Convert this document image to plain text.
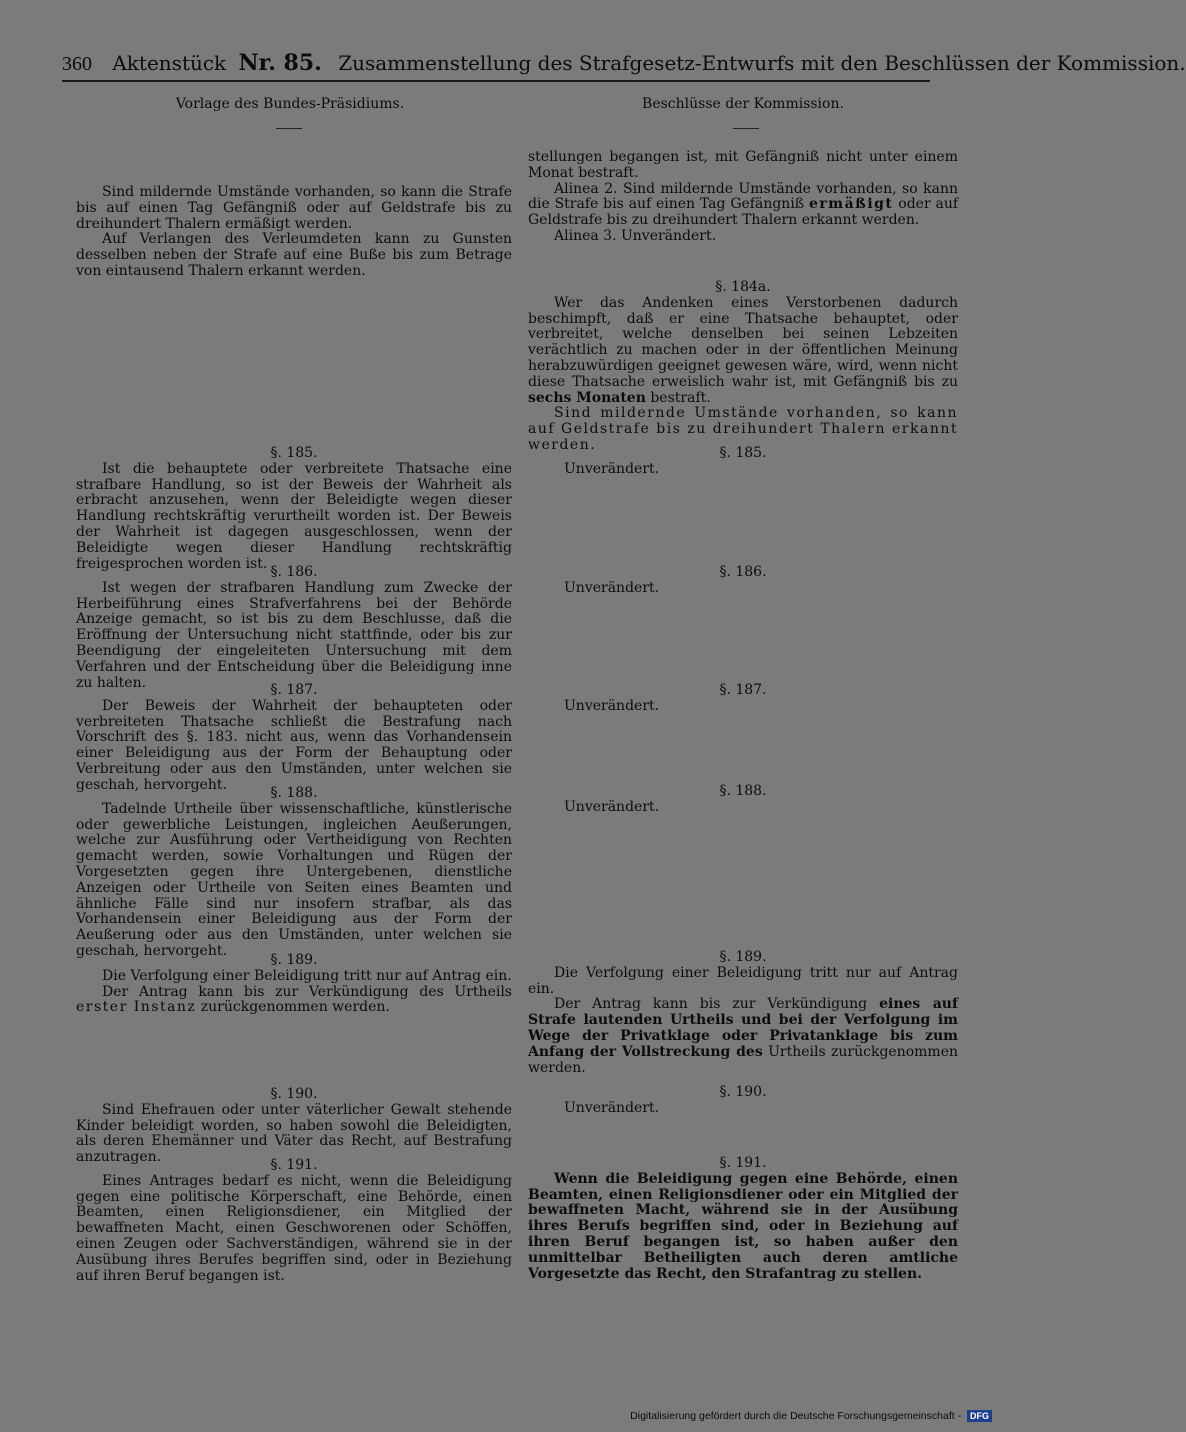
360 Aktenstück Nr. 85. Zusammenstellung des Strafgesetz-Entwurfs mit den Beschlüssen der Kommission.
Vorlage des Bundes-Präsidiums.	Beschlüsse der Kommission.

Sind mildernde Umstände vorhanden, so kann die Strafe bis auf einen Tag Gefängniß oder auf Geldstrafe bis zu dreihundert Thalern ermäßigt werden.

Auf Verlangen des Verleumdeten kann zu Gunsten desselben neben der Strafe auf eine Buße bis zum Betrage von eintausend Thalern erkannt werden.

§. 185.

Ist die behauptete oder verbreitete Thatsache eine strafbare Handlung, so ist der Beweis der Wahrheit als erbracht anzusehen, wenn der Beleidigte wegen dieser Handlung rechtskräftig verurtheilt worden ist. Der Beweis der Wahrheit ist dagegen ausgeschlossen, wenn der Beleidigte wegen dieser Handlung rechtskräftig freigesprochen worden ist.

§. 186.

Ist wegen der strafbaren Handlung zum Zwecke der Herbeiführung eines Strafverfahrens bei der Behörde Anzeige gemacht, so ist bis zu dem Beschlusse, daß die Eröffnung der Untersuchung nicht stattfinde, oder bis zur Beendigung der eingeleiteten Untersuchung mit dem Verfahren und der Entscheidung über die Beleidigung inne zu halten.	§. 187.

Der Beweis der Wahrheit der behaupteten oder verbreiteten Thatsache schließt die Bestrafung nach Vorschrift des §. 183. nicht aus, wenn das Vorhandensein einer Beleidigung aus der Form der Behauptung oder Verbreitung oder aus den Umständen, unter welchen sie geschah, hervorgeht.

§. 188.

Tadelnde Urtheile über wissenschaftliche, künstlerische oder gewerbliche Leistungen, ingleichen Aeußerungen, welche zur Ausführung oder Vertheidigung von Rechten gemacht werden, sowie Vorhaltungen und Rügen der Vorgesetzten gegen ihre Untergebenen, dienstliche Anzeigen oder Urtheile von Seiten eines Beamten und ähnliche Fälle sind nur insofern strafbar, als das Vorhandensein einer Beleidigung aus der Form der Aeußerung oder aus den Umständen, unter welchen sie geschah, hervorgeht.

§. 189.

Die Verfolgung einer Beleidigung tritt nur auf Antrag ein.

Der Antrag kann bis zur Verkündigung des Urtheils erster Instanz zurückgenommen werden.

§. 190.

Sind Ehefrauen oder unter väterlicher Gewalt stehende Kinder beleidigt worden, so haben sowohl die Beleidigten, als deren Ehemänner und Väter das Recht, auf Bestrafung anzutragen.	§. 191.

Eines Antrages bedarf es nicht, wenn die Beleidigung gegen eine politische Körperschaft, eine Behörde, einen Beamten, einen Religionsdiener, ein Mitglied der bewaffneten Macht, einen Geschworenen oder Schöffen, einen Zeugen oder Sachverständigen, während sie in der Ausübung ihres Berufes begriffen sind, oder in Beziehung auf ihren Beruf begangen ist.

stellungen begangen ist, mit Gefängniß nicht unter einem Monat bestraft.

Alinea 2. Sind mildernde Umstände vorhanden, so kann die Strafe bis auf einen Tag Gefängniß ermäßigt oder auf Geldstrafe bis zu dreihundert Thalern erkannt werden.

Alinea 3. Unverändert.

§. 184a.

Wer das Andenken eines Verstorbenen dadurch beschimpft, daß er eine Thatsache behauptet, oder verbreitet, welche denselben bei seinen Lebzeiten verächtlich zu machen oder in der öffentlichen Meinung herabzuwürdigen geeignet gewesen wäre, wird, wenn nicht diese Thatsache erweislich wahr ist, mit Gefängniß bis zu sechs Monaten bestraft.

Sind mildernde Umstände vorhanden, so kann auf Geldstrafe bis zu dreihundert Thalern erkannt werden.

§. 185.

Unverändert.

§. 186.

Unverändert.

§. 187.

Unverändert.

§. 188.

Unverändert.

§. 189.

Die Verfolgung einer Beleidigung tritt nur auf Antrag ein.

Der Antrag kann bis zur Verkündigung eines auf Strafe lautenden Urtheils und bei der Verfolgung im Wege der Privatklage oder Privatanklage bis zum Anfang der Vollstreckung des Urtheils zurückgenommen werden.

§. 190.

Unverändert.

§. 191.

Wenn die Beleidigung gegen eine Behörde, einen Beamten, einen Religionsdiener oder ein Mitglied der bewaffneten Macht, während sie in der Ausübung ihres Berufs begriffen sind, oder in Beziehung auf ihren Beruf begangen ist, so haben außer den unmittelbar Betheiligten auch deren amtliche Vorgesetzte das Recht, den Strafantrag zu stellen.

Digitalisierung gefördert durch die Deutsche Forschungsgemeinschaft - DFG
